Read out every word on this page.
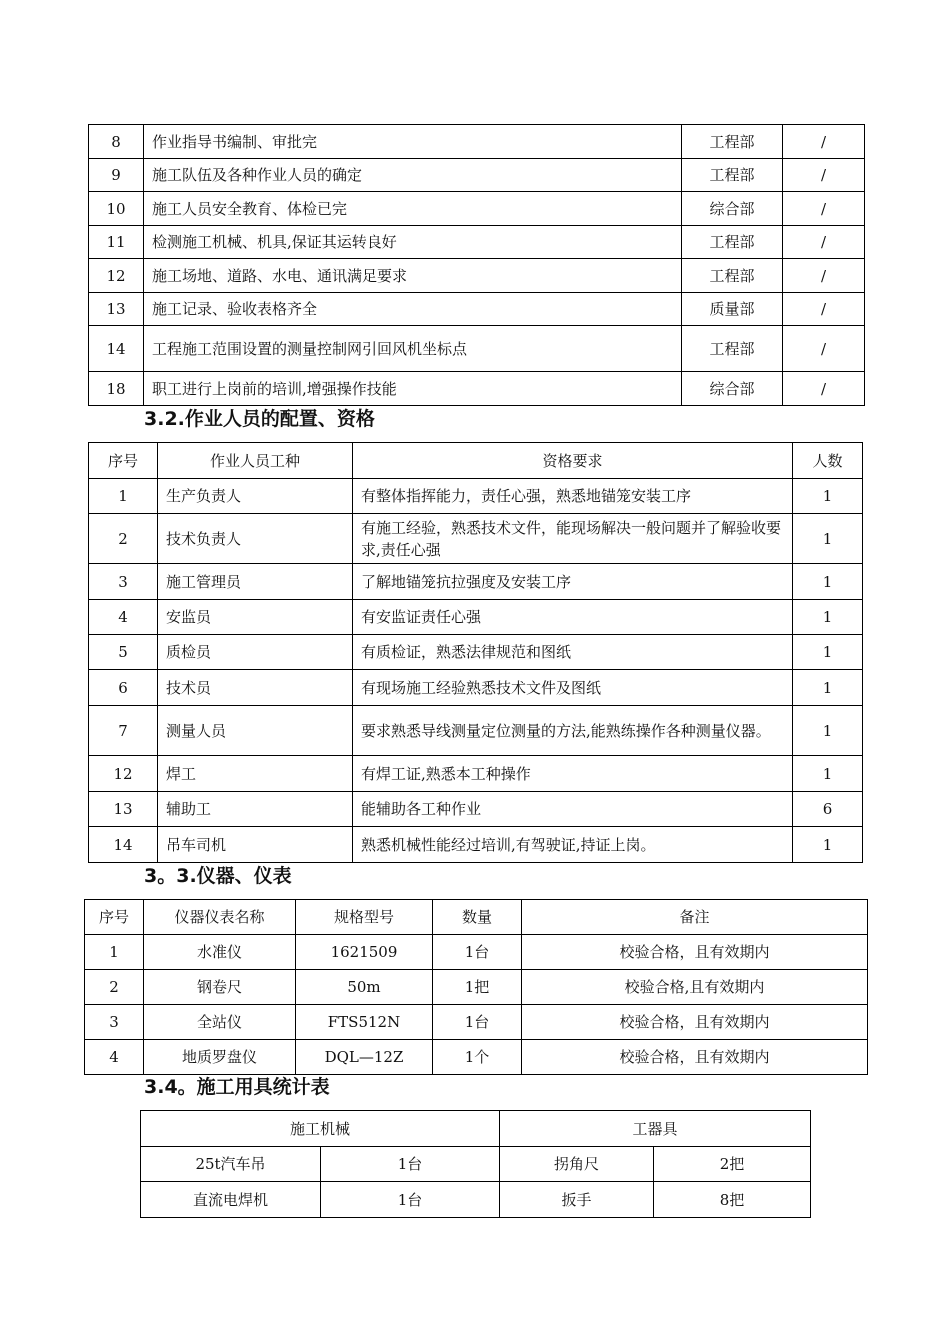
8	作业指导书编制、审批完	工程部	/
9	施工队伍及各种作业人员的确定	工程部	/
10	施工人员安全教育、体检已完	综合部	/
11	检测施工机械、机具,保证其运转良好	工程部	/
12	施工场地、道路、水电、通讯满足要求	工程部	/
13	施工记录、验收表格齐全	质量部	/
14	工程施工范围设置的测量控制网引回风机坐标点	工程部	/
18	职工进行上岗前的培训,增强操作技能	综合部	/
3.2.作业人员的配置、资格
序号	作业人员工种	资格要求	人数
1	生产负责人	有整体指挥能力，责任心强，熟悉地锚笼安装工序	1
2	技术负责人	有施工经验，熟悉技术文件，能现场解决一般问题并了解验收要求,责任心强	1
3	施工管理员	了解地锚笼抗拉强度及安装工序	1
4	安监员	有安监证责任心强	1
5	质检员	有质检证，熟悉法律规范和图纸	1
6	技术员	有现场施工经验熟悉技术文件及图纸	1
7	测量人员	要求熟悉导线测量定位测量的方法,能熟练操作各种测量仪器。	1
12	焊工	有焊工证,熟悉本工种操作	1
13	辅助工	能辅助各工种作业	6
14	吊车司机	熟悉机械性能经过培训,有驾驶证,持证上岗。	1
3。3.仪器、仪表
序号	仪器仪表名称	规格型号	数量	备注
1	水准仪	1621509	1台	校验合格，且有效期内
2	钢卷尺	50m	1把	校验合格,且有效期内
3	全站仪	FTS512N	1台	校验合格，且有效期内
4	地质罗盘仪	DQL—12Z	1个	校验合格，且有效期内
3.4。施工用具统计表
施工机械		工器具	
25t汽车吊	1台	拐角尺	2把
直流电焊机	1台	扳手	8把
